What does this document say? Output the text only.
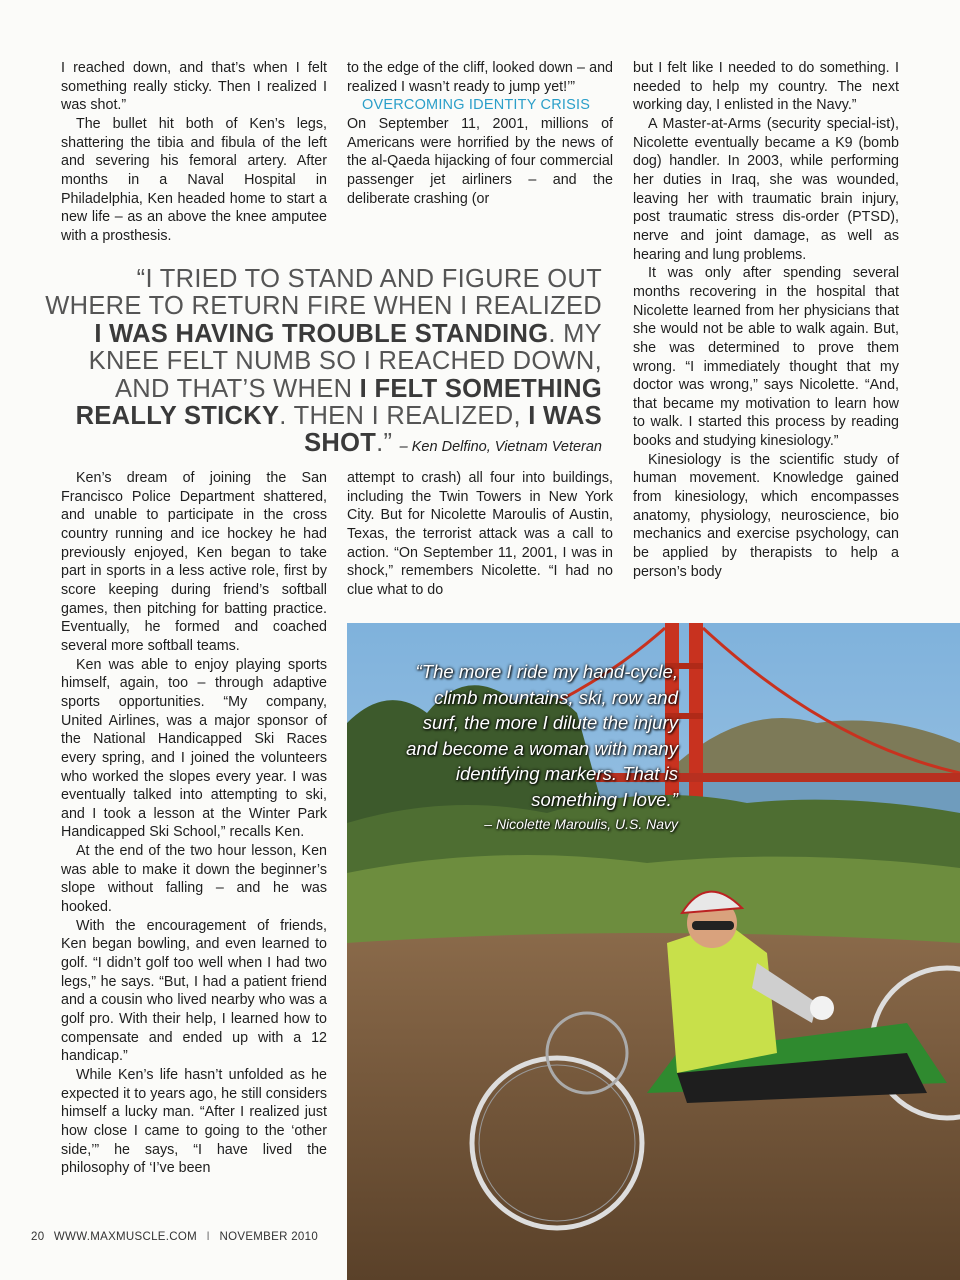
I reached down, and that’s when I felt something really sticky. Then I realized I was shot.”

The bullet hit both of Ken’s legs, shattering the tibia and fibula of the left and severing his femoral artery. After months in a Naval Hospital in Philadelphia, Ken headed home to start a new life – as an above the knee amputee with a prosthesis.

to the edge of the cliff, looked down – and realized I wasn’t ready to jump yet!’”

OVERCOMING IDENTITY CRISIS

On September 11, 2001, millions of Americans were horrified by the news of the al-Qaeda hijacking of four commercial passenger jet airliners – and the deliberate crashing (or

but I felt like I needed to do something. I needed to help my country. The next working day, I enlisted in the Navy.”

A Master-at-Arms (security special-ist), Nicolette eventually became a K9 (bomb dog) handler. In 2003, while performing her duties in Iraq, she was wounded, leaving her with traumatic brain injury, post traumatic stress dis-order (PTSD), nerve and joint damage, as well as hearing and lung problems.

It was only after spending several months recovering in the hospital that Nicolette learned from her physicians that she would not be able to walk again. But, she was determined to prove them wrong. “I immediately thought that my doctor was wrong,” says Nicolette. “And, that became my motivation to learn how to walk. I started this process by reading books and studying kinesiology.”

Kinesiology is the scientific study of human movement. Knowledge gained from kinesiology, which encompasses anatomy, physiology, neuroscience, bio mechanics and exercise psychology, can be applied by therapists to help a person’s body

“I TRIED TO STAND AND FIGURE OUT WHERE TO RETURN FIRE WHEN I REALIZED I WAS HAVING TROUBLE STANDING. MY KNEE FELT NUMB SO I REACHED DOWN, AND THAT’S WHEN I FELT SOMETHING REALLY STICKY. THEN I REALIZED, I WAS SHOT.” – Ken Delfino, Vietnam Veteran

Ken’s dream of joining the San Francisco Police Department shattered, and unable to participate in the cross country running and ice hockey he had previously enjoyed, Ken began to take part in sports in a less active role, first by score keeping during friend’s softball games, then pitching for batting practice. Eventually, he formed and coached several more softball teams.

Ken was able to enjoy playing sports himself, again, too – through adaptive sports opportunities. “My company, United Airlines, was a major sponsor of the National Handicapped Ski Races every spring, and I joined the volunteers who worked the slopes every year. I was eventually talked into attempting to ski, and I took a lesson at the Winter Park Handicapped Ski School,” recalls Ken.

At the end of the two hour lesson, Ken was able to make it down the beginner’s slope without falling – and he was hooked.

With the encouragement of friends, Ken began bowling, and even learned to golf. “I didn’t golf too well when I had two legs,” he says. “But, I had a patient friend and a cousin who lived nearby who was a golf pro. With their help, I learned how to compensate and ended up with a 12 handicap.”

While Ken’s life hasn’t unfolded as he expected it to years ago, he still considers himself a lucky man. “After I realized just how close I came to going to the ‘other side,’” he says, “I have lived the philosophy of ‘I’ve been

attempt to crash) all four into buildings, including the Twin Towers in New York City. But for Nicolette Maroulis of Austin, Texas, the terrorist attack was a call to action. “On September 11, 2001, I was in shock,” remembers Nicolette. “I had no clue what to do

“The more I ride my hand-cycle, climb mountains, ski, row and surf, the more I dilute the injury and become a woman with many identifying markers. That is something I love.”
– Nicolette Maroulis, U.S. Navy
20 WWW.MAXMUSCLE.COM I NOVEMBER 2010
